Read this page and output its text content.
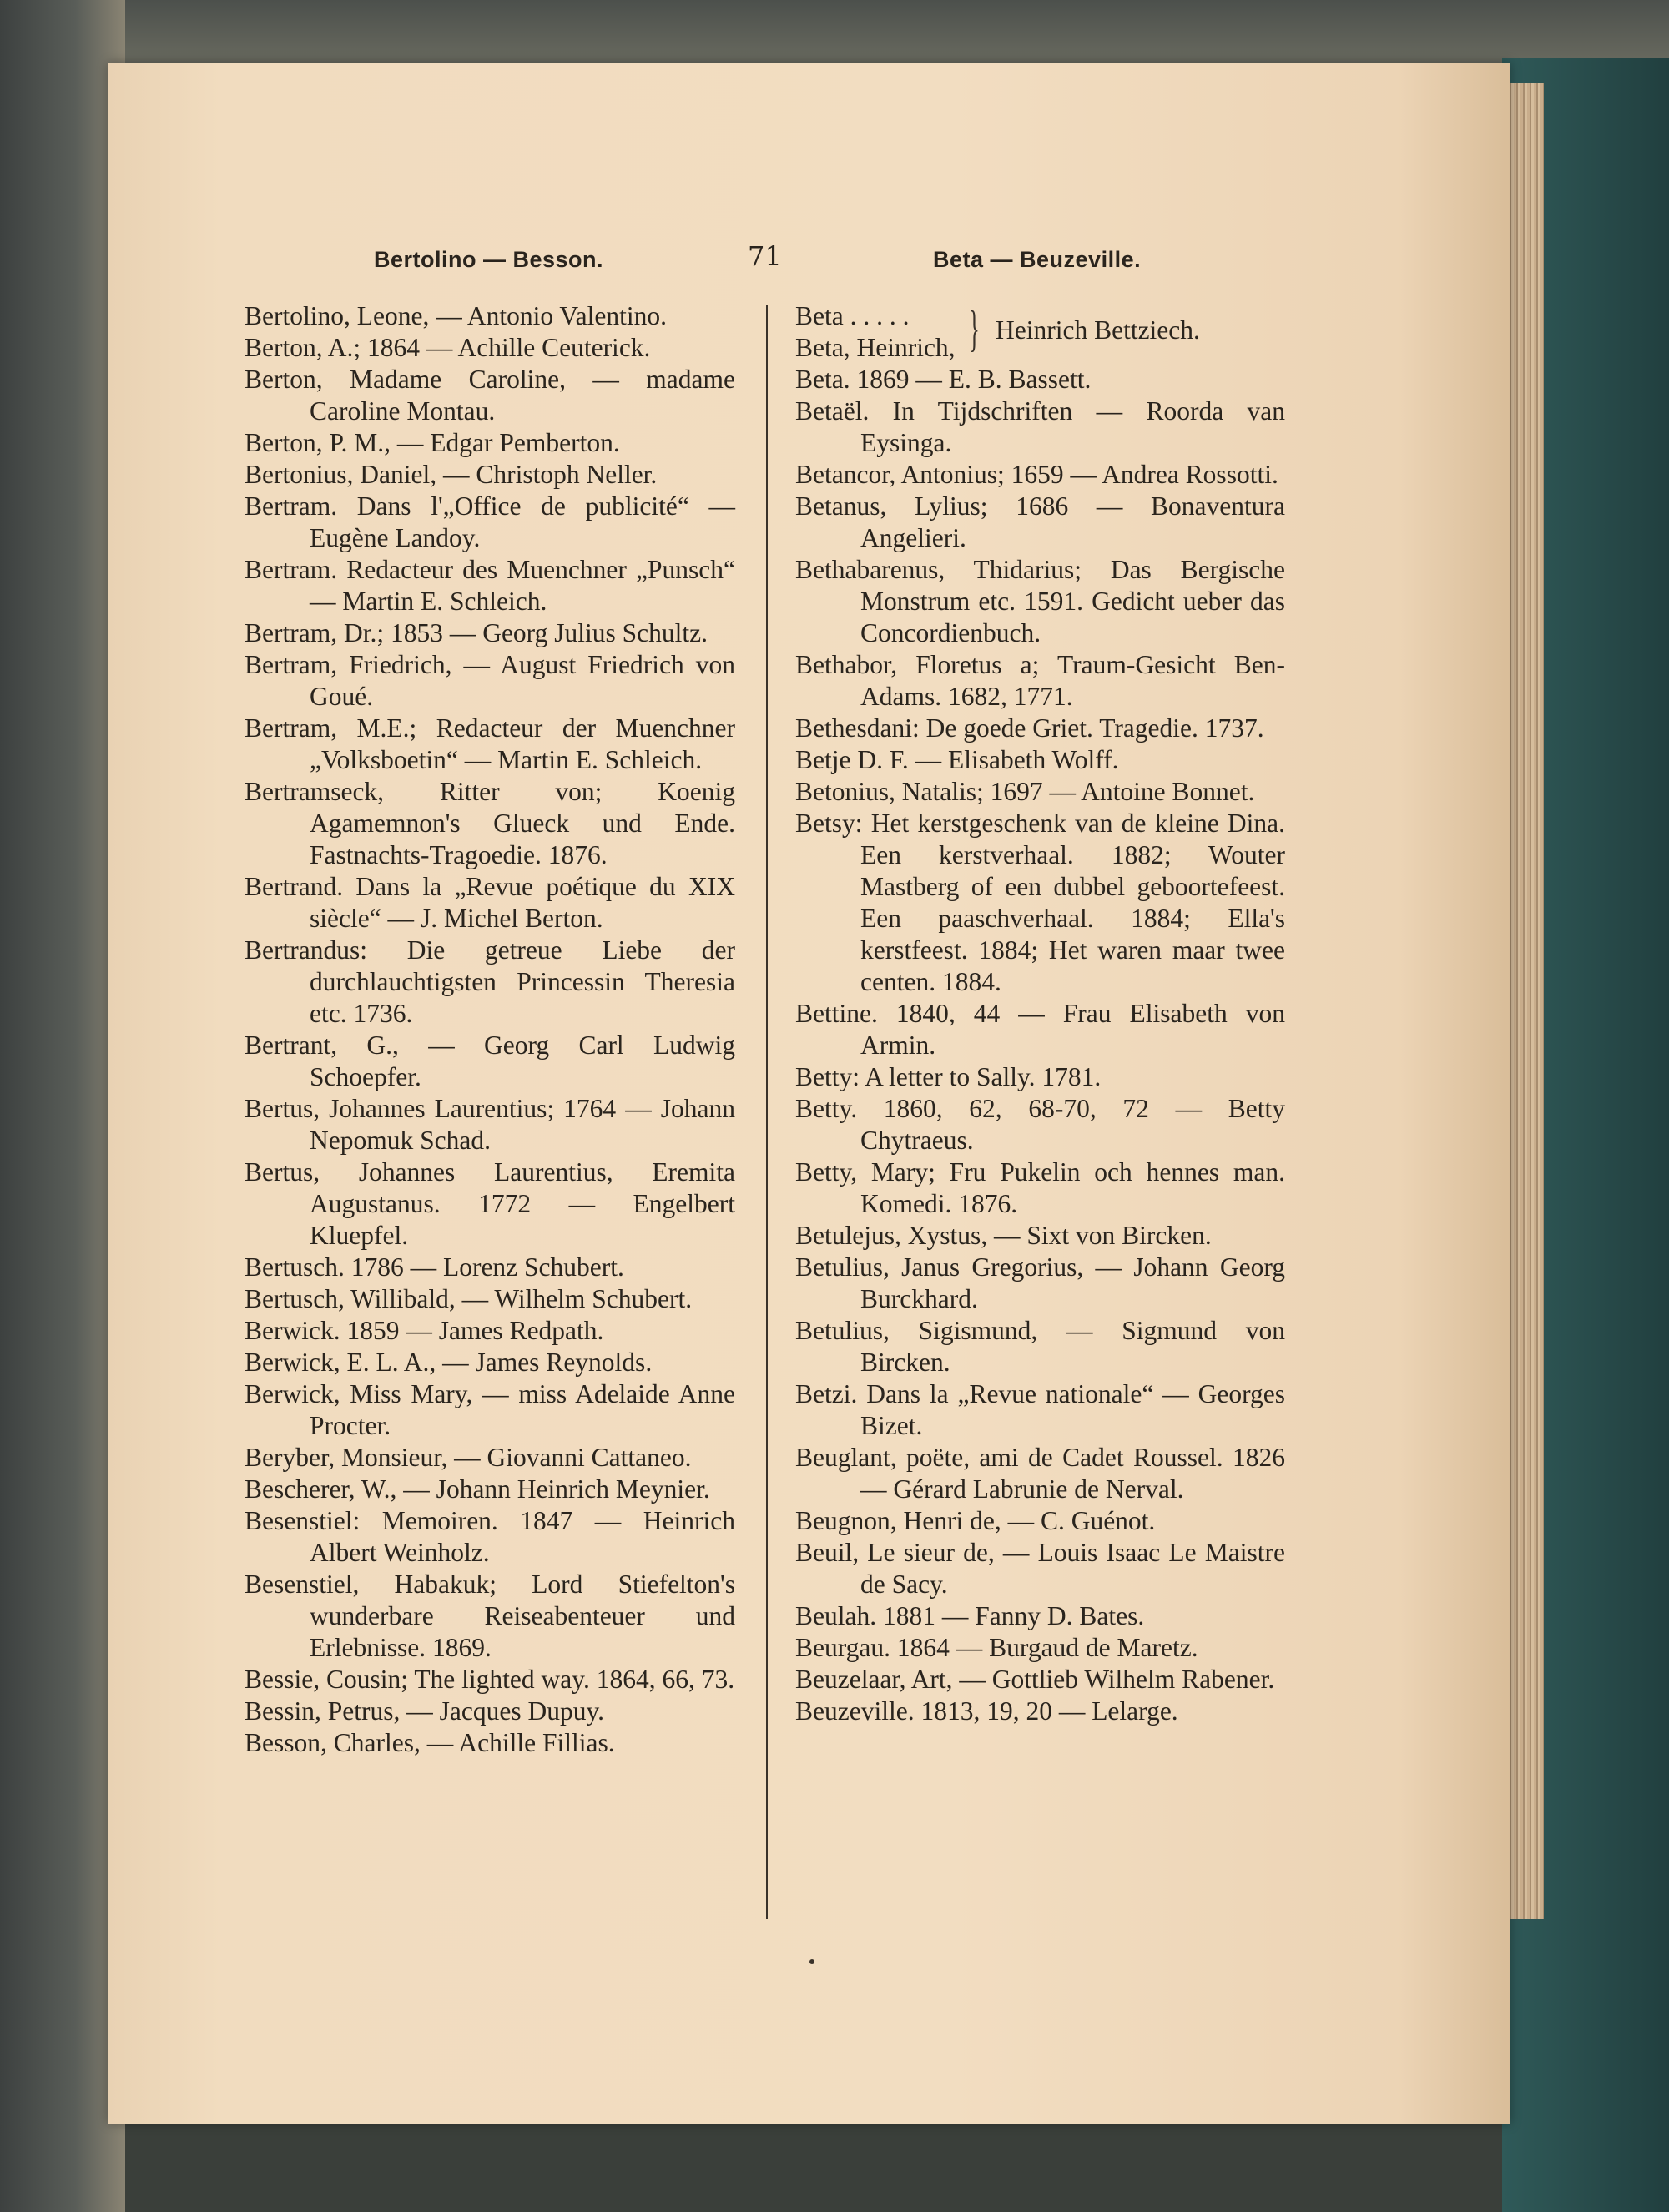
Bertolino — Besson.	71	Beta — Beuzeville.
Bertolino, Leone, — Antonio Valentino.
Berton, A.; 1864 — Achille Ceuterick.
Berton, Madame Caroline, — madame Caroline Montau.
Berton, P. M., — Edgar Pemberton.
Bertonius, Daniel, — Christoph Neller.
Bertram. Dans l'„Office de publicité“ — Eugène Landoy.
Bertram. Redacteur des Muenchner „Punsch“ — Martin E. Schleich.
Bertram, Dr.; 1853 — Georg Julius Schultz.
Bertram, Friedrich, — August Friedrich von Goué.
Bertram, M.E.; Redacteur der Muenchner „Volksboetin“ — Martin E. Schleich.
Bertramseck, Ritter von; Koenig Agamemnon's Glueck und Ende. Fastnachts-Tragoedie. 1876.
Bertrand. Dans la „Revue poétique du XIX siècle“ — J. Michel Berton.
Bertrandus: Die getreue Liebe der durchlauchtigsten Princessin Theresia etc. 1736.
Bertrant, G., — Georg Carl Ludwig Schoepfer.
Bertus, Johannes Laurentius; 1764 — Johann Nepomuk Schad.
Bertus, Johannes Laurentius, Eremita Augustanus. 1772 — Engelbert Kluepfel.
Bertusch. 1786 — Lorenz Schubert.
Bertusch, Willibald, — Wilhelm Schubert.
Berwick. 1859 — James Redpath.
Berwick, E. L. A., — James Reynolds.
Berwick, Miss Mary, — miss Adelaide Anne Procter.
Beryber, Monsieur, — Giovanni Cattaneo.
Bescherer, W., — Johann Heinrich Meynier.
Besenstiel: Memoiren. 1847 — Heinrich Albert Weinholz.
Besenstiel, Habakuk; Lord Stiefelton's wunderbare Reiseabenteuer und Erlebnisse. 1869.
Bessie, Cousin; The lighted way. 1864, 66, 73.
Bessin, Petrus, — Jacques Dupuy.
Besson, Charles, — Achille Fillias.
Beta . . . . .
Beta, Heinrich, } Heinrich Bettziech.
Beta. 1869 — E. B. Bassett.
Betaël. In Tijdschriften — Roorda van Eysinga.
Betancor, Antonius; 1659 — Andrea Rossotti.
Betanus, Lylius; 1686 — Bonaventura Angelieri.
Bethabarenus, Thidarius; Das Bergische Monstrum etc. 1591. Gedicht ueber das Concordienbuch.
Bethabor, Floretus a; Traum-Gesicht Ben-Adams. 1682, 1771.
Bethesdani: De goede Griet. Tragedie. 1737.
Betje D. F. — Elisabeth Wolff.
Betonius, Natalis; 1697 — Antoine Bonnet.
Betsy: Het kerstgeschenk van de kleine Dina. Een kerstverhaal. 1882; Wouter Mastberg of een dubbel geboortefeest. Een paaschverhaal. 1884; Ella's kerstfeest. 1884; Het waren maar twee centen. 1884.
Bettine. 1840, 44 — Frau Elisabeth von Armin.
Betty: A letter to Sally. 1781.
Betty. 1860, 62, 68-70, 72 — Betty Chytraeus.
Betty, Mary; Fru Pukelin och hennes man. Komedi. 1876.
Betulejus, Xystus, — Sixt von Bircken.
Betulius, Janus Gregorius, — Johann Georg Burckhard.
Betulius, Sigismund, — Sigmund von Bircken.
Betzi. Dans la „Revue nationale“ — Georges Bizet.
Beuglant, poëte, ami de Cadet Roussel. 1826 — Gérard Labrunie de Nerval.
Beugnon, Henri de, — C. Guénot.
Beuil, Le sieur de, — Louis Isaac Le Maistre de Sacy.
Beulah. 1881 — Fanny D. Bates.
Beurgau. 1864 — Burgaud de Maretz.
Beuzelaar, Art, — Gottlieb Wilhelm Rabener.
Beuzeville. 1813, 19, 20 — Lelarge.
